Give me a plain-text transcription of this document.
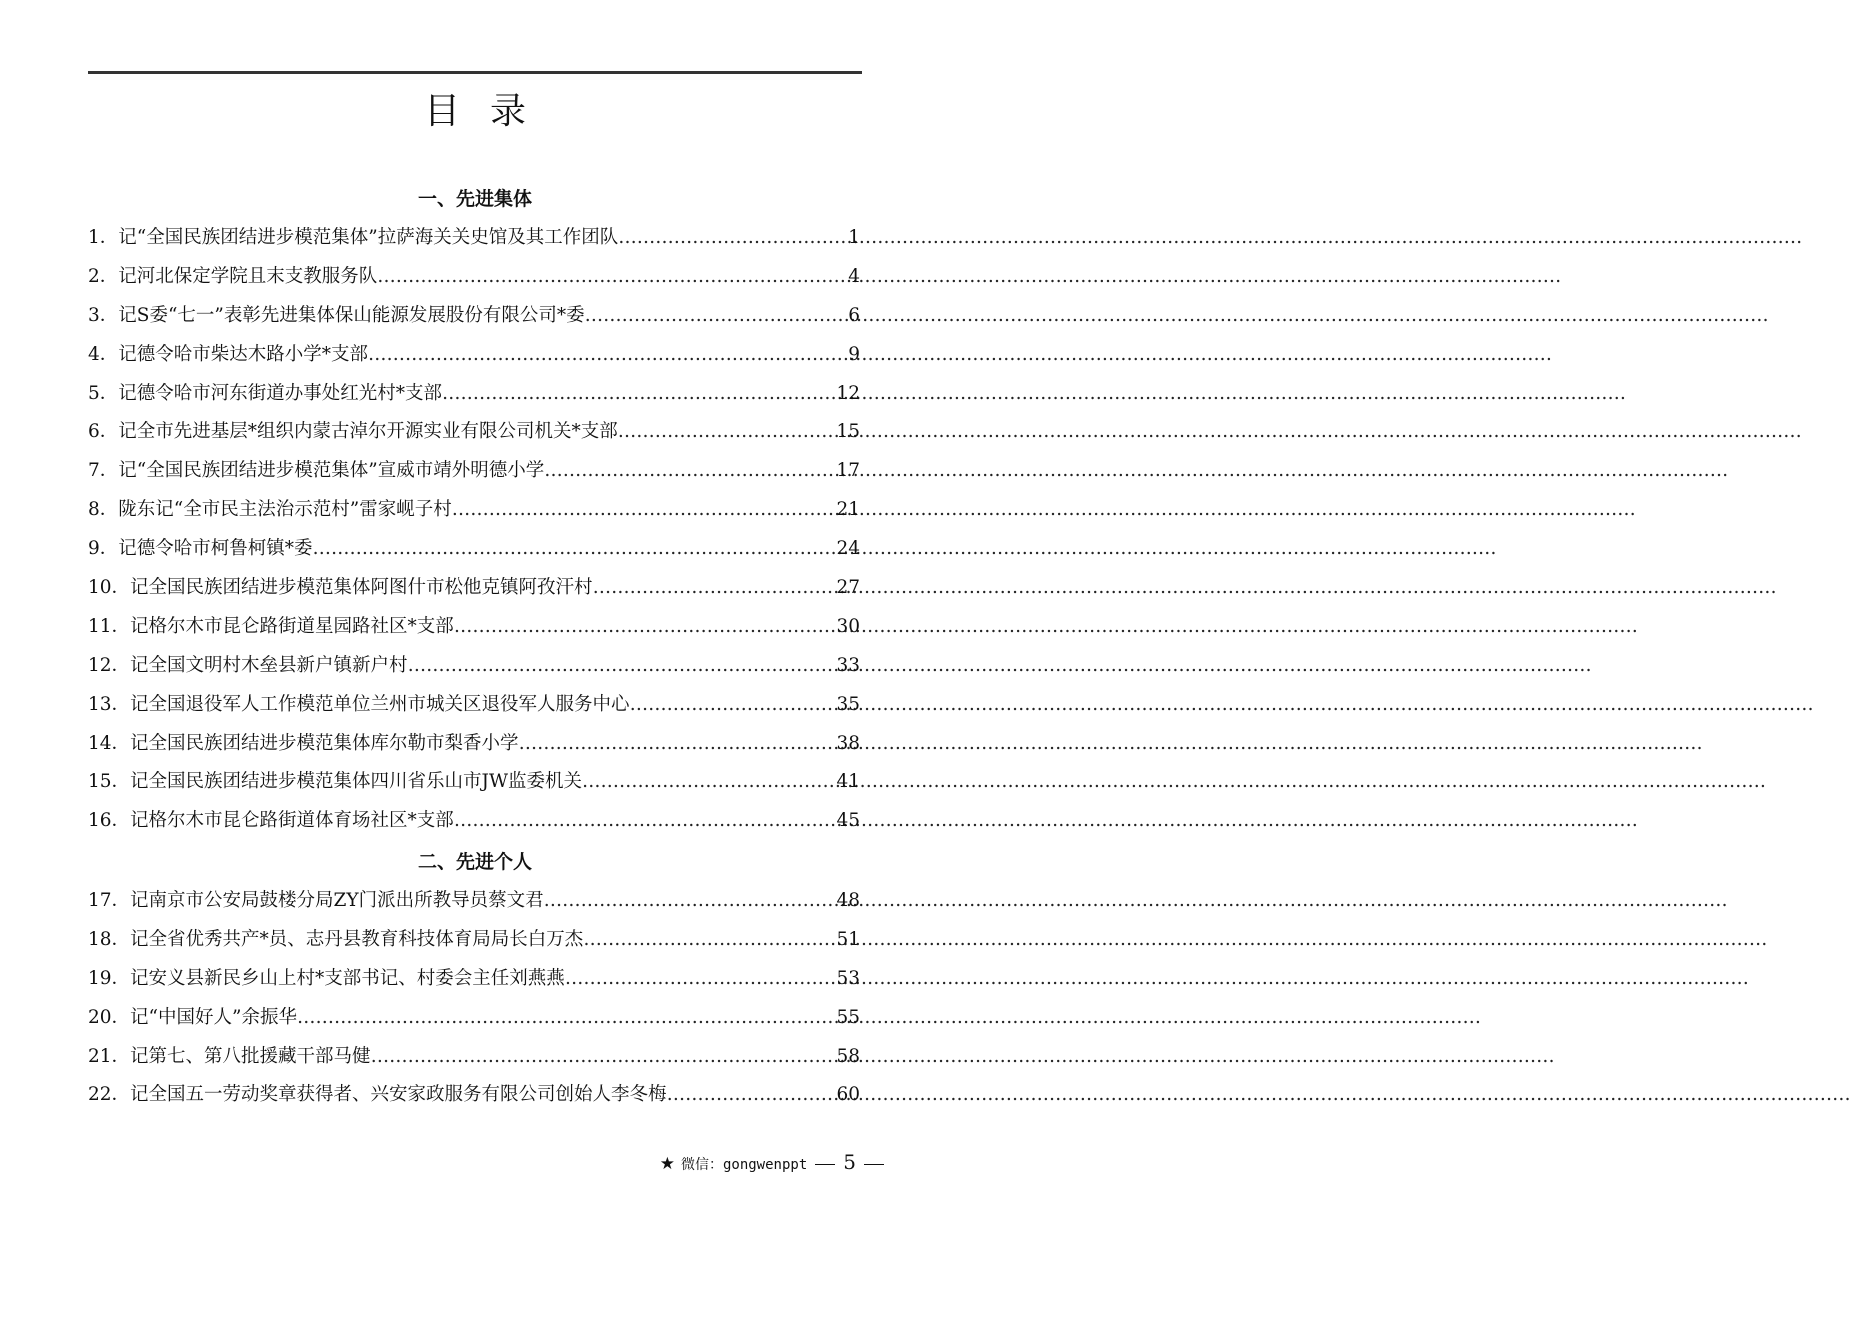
目 录
一、先进集体
1． 记“全国民族团结进步模范集体”拉萨海关关史馆及其工作团队 …………………………………………………………………………………………………………………………………………………………………………	1
2． 记河北保定学院且末支教服务队 …………………………………………………………………………………………………………………………………………………………………………	4
3． 记S委“七一”表彰先进集体保山能源发展股份有限公司*委 …………………………………………………………………………………………………………………………………………………………………………	6
4． 记德令哈市柴达木路小学*支部 …………………………………………………………………………………………………………………………………………………………………………	9
5． 记德令哈市河东街道办事处红光村*支部 …………………………………………………………………………………………………………………………………………………………………………	12
6． 记全市先进基层*组织内蒙古淖尔开源实业有限公司机关*支部 …………………………………………………………………………………………………………………………………………………………………………	15
7． 记“全国民族团结进步模范集体”宣威市靖外明德小学 …………………………………………………………………………………………………………………………………………………………………………	17
8． 陇东记“全市民主法治示范村”雷家岘子村 …………………………………………………………………………………………………………………………………………………………………………	21
9． 记德令哈市柯鲁柯镇*委 …………………………………………………………………………………………………………………………………………………………………………	24
10． 记全国民族团结进步模范集体阿图什市松他克镇阿孜汗村 …………………………………………………………………………………………………………………………………………………………………………	27
11． 记格尔木市昆仑路街道星园路社区*支部 …………………………………………………………………………………………………………………………………………………………………………	30
12． 记全国文明村木垒县新户镇新户村 …………………………………………………………………………………………………………………………………………………………………………	33
13． 记全国退役军人工作模范单位兰州市城关区退役军人服务中心 …………………………………………………………………………………………………………………………………………………………………………	35
14． 记全国民族团结进步模范集体库尔勒市梨香小学 …………………………………………………………………………………………………………………………………………………………………………	38
15． 记全国民族团结进步模范集体四川省乐山市JW监委机关 …………………………………………………………………………………………………………………………………………………………………………	41
16． 记格尔木市昆仑路街道体育场社区*支部 …………………………………………………………………………………………………………………………………………………………………………	45
二、先进个人
17． 记南京市公安局鼓楼分局ZY门派出所教导员蔡文君 …………………………………………………………………………………………………………………………………………………………………………	48
18． 记全省优秀共产*员、志丹县教育科技体育局局长白万杰 …………………………………………………………………………………………………………………………………………………………………………	51
19． 记安义县新民乡山上村*支部书记、村委会主任刘燕燕 …………………………………………………………………………………………………………………………………………………………………………	53
20． 记“中国好人”余振华 …………………………………………………………………………………………………………………………………………………………………………	55
21． 记第七、第八批援藏干部马健 …………………………………………………………………………………………………………………………………………………………………………	58
22． 记全国五一劳动奖章获得者、兴安家政服务有限公司创始人李冬梅 …………………………………………………………………………………………………………………………………………………………………………	60
★ 微信：gongwenppt 5
